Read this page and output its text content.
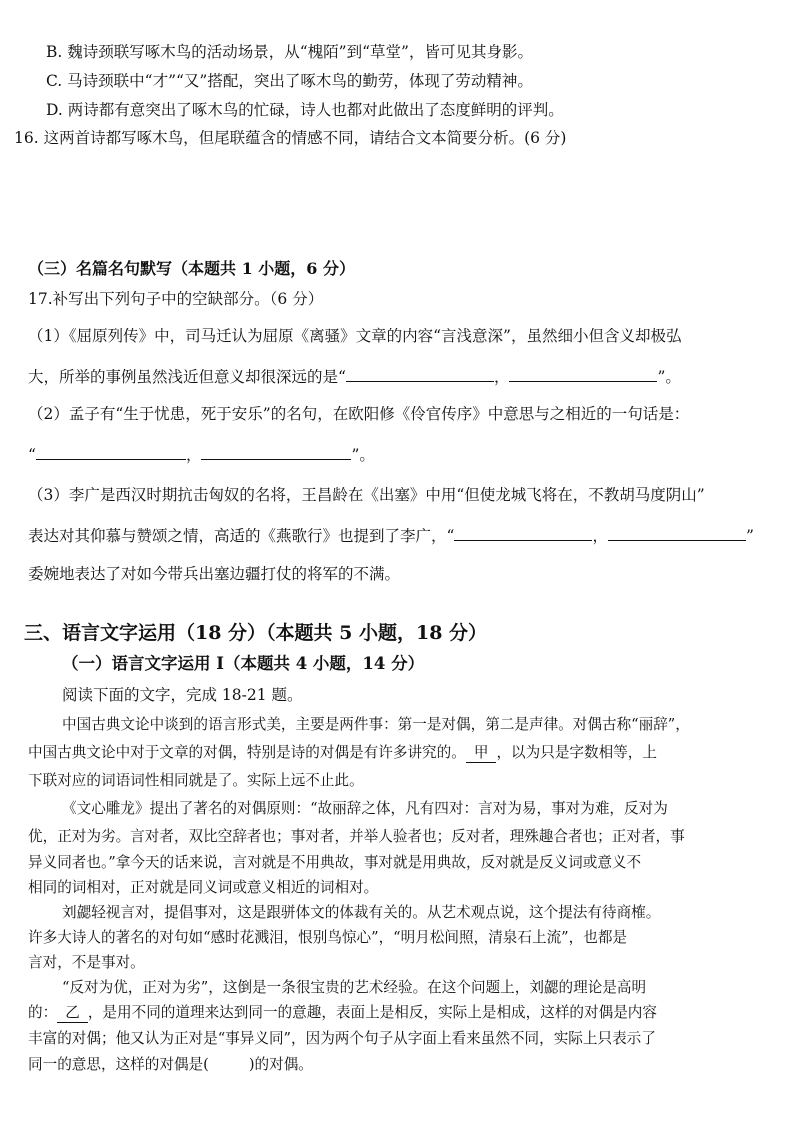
B. 魏诗颈联写啄木鸟的活动场景，从“槐陌”到“草堂”，皆可见其身影。
C. 马诗颈联中“才”“又”搭配，突出了啄木鸟的勤劳，体现了劳动精神。
D. 两诗都有意突出了啄木鸟的忙碌，诗人也都对此做出了态度鲜明的评判。
16. 这两首诗都写啄木鸟，但尾联蕴含的情感不同，请结合文本简要分析。(6 分)
（三）名篇名句默写（本题共 1 小题，6 分）
17.补写出下列句子中的空缺部分。（6 分）
（1）《屈原列传》中，司马迁认为屈原《离骚》文章的内容“言浅意深”，虽然细小但含义却极弘
大，所举的事例虽然浅近但意义却很深远的是“	，	”。
（2）孟子有“生于忧患，死于安乐”的名句，在欧阳修《伶官传序》中意思与之相近的一句话是：
“	，	”。
（3）李广是西汉时期抗击匈奴的名将，王昌龄在《出塞》中用“但使龙城飞将在，不教胡马度阴山”
表达对其仰慕与赞颂之情，高适的《燕歌行》也提到了李广，“	，	”
委婉地表达了对如今带兵出塞边疆打仗的将军的不满。
三、语言文字运用（18 分）（本题共 5 小题，18 分）
（一）语言文字运用 I（本题共 4 小题，14 分）
阅读下面的文字，完成 18-21 题。
中国古典文论中谈到的语言形式美，主要是两件事：第一是对偶，第二是声律。对偶古称“丽辞”，
中国古典文论中对于文章的对偶，特别是诗的对偶是有许多讲究的。 甲 ，以为只是字数相等，上
下联对应的词语词性相同就是了。实际上远不止此。
《文心雕龙》提出了著名的对偶原则：“故丽辞之体，凡有四对：言对为易，事对为难，反对为
优，正对为劣。言对者，双比空辞者也；事对者，并举人验者也；反对者，理殊趣合者也；正对者，事
异义同者也。”拿今天的话来说，言对就是不用典故，事对就是用典故，反对就是反义词或意义不
相同的词相对，正对就是同义词或意义相近的词相对。
刘勰轻视言对，提倡事对，这是跟骈体文的体裁有关的。从艺术观点说，这个提法有待商榷。
许多大诗人的著名的对句如“感时花溅泪，恨别鸟惊心”，“明月松间照，清泉石上流”，也都是
言对，不是事对。
“反对为优，正对为劣”，这倒是一条很宝贵的艺术经验。在这个问题上，刘勰的理论是高明
的： 乙 ，是用不同的道理来达到同一的意趣，表面上是相反，实际上是相成，这样的对偶是内容
丰富的对偶；他又认为正对是“事异义同”，因为两个句子从字面上看来虽然不同，实际上只表示了
同一的意思，这样的对偶是(	)的对偶。
